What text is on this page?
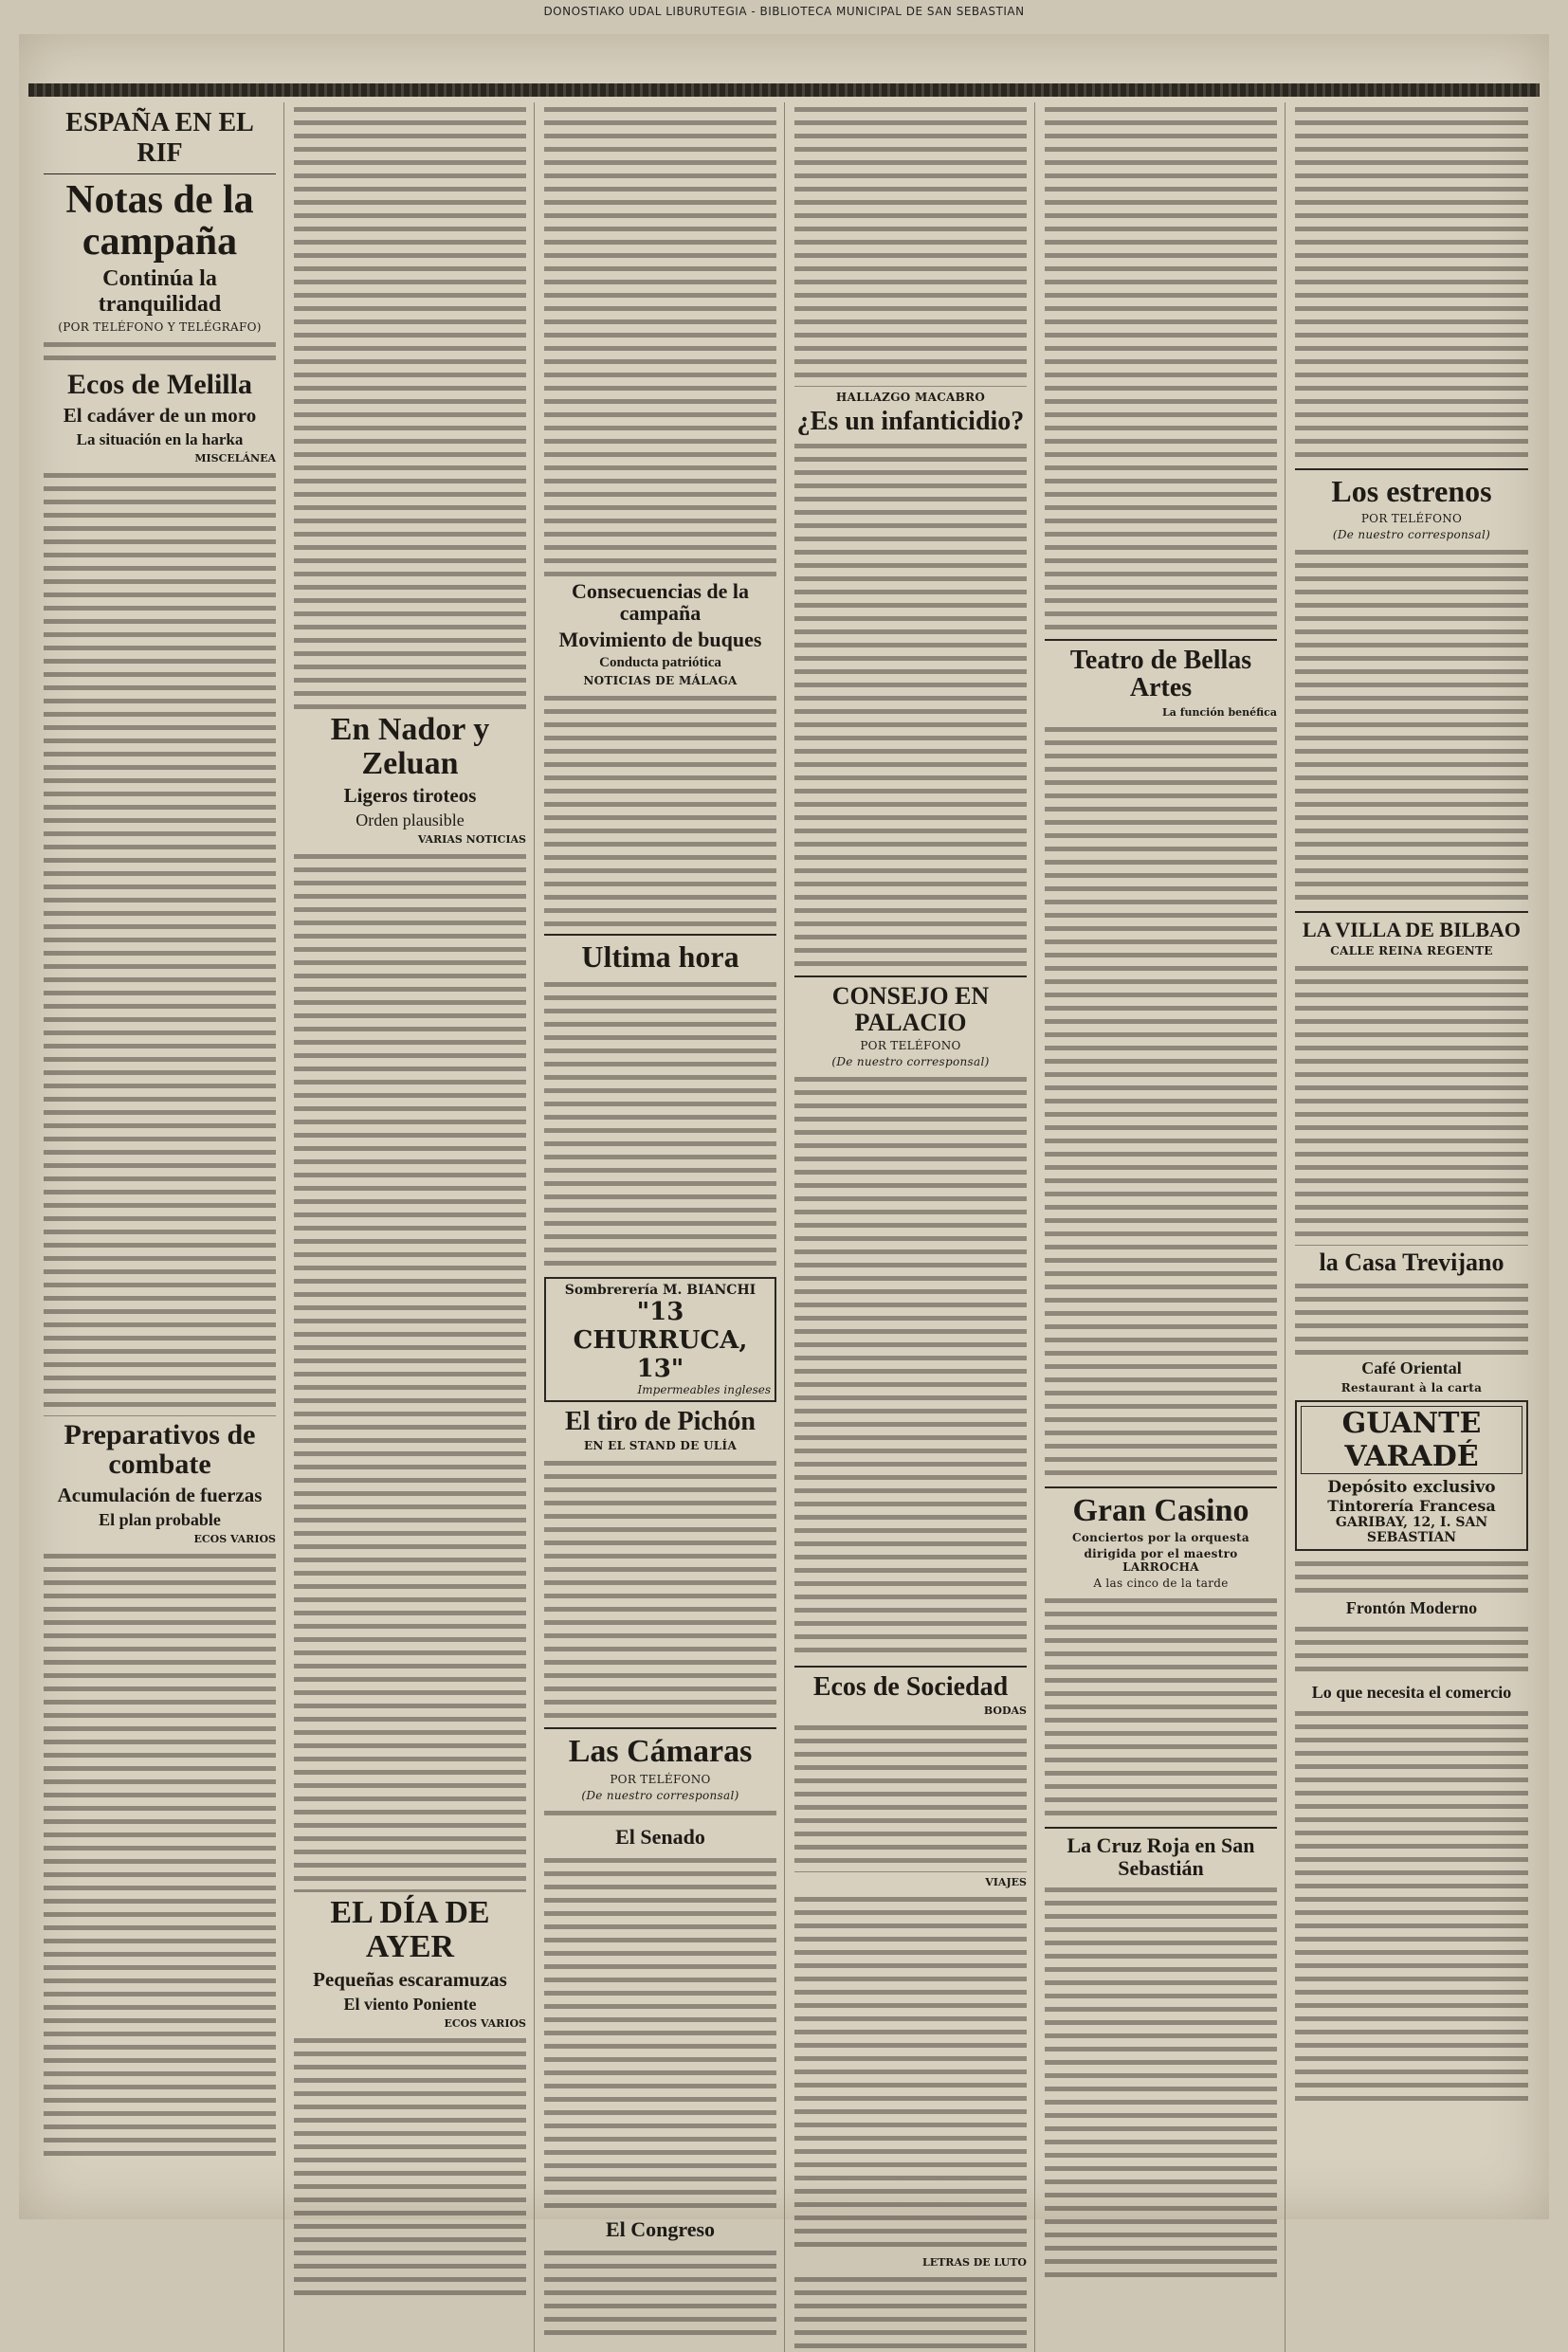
DONOSTIAKO UDAL LIBURUTEGIA - BIBLIOTECA MUNICIPAL DE SAN SEBASTIAN
ESPAÑA EN EL RIF
Notas de la campaña
Continúa la tranquilidad
(POR TELÉFONO Y TELÉGRAFO)
Ecos de Melilla
El cadáver de un moro
La situación en la harka
MISCELÁNEA
Preparativos de combate
Acumulación de fuerzas
El plan probable
ECOS VARIOS
En Nador y Zeluan
Ligeros tiroteos
Orden plausible
VARIAS NOTICIAS
EL DÍA DE AYER
Pequeñas escaramuzas
El viento Poniente
ECOS VARIOS
Consecuencias de la campaña
Movimiento de buques
Conducta patriótica
NOTICIAS DE MÁLAGA
Ultima hora
Sombrerería M. BIANCHI
"13 CHURRUCA, 13"
Impermeables ingleses
El tiro de Pichón
EN EL STAND DE ULÍA
Las Cámaras
POR TELÉFONO
(De nuestro corresponsal)
El Senado
El Congreso
HALLAZGO MACABRO
¿Es un infanticidio?
CONSEJO EN PALACIO
POR TELÉFONO
(De nuestro corresponsal)
Ecos de Sociedad
BODAS
VIAJES
LETRAS DE LUTO
Teatro de Bellas Artes
La función benéfica
Gran Casino
Conciertos por la orquesta
dirigida por el maestro LARROCHA
A las cinco de la tarde
La Cruz Roja en San Sebastián
Los estrenos
POR TELÉFONO
(De nuestro corresponsal)
LA VILLA DE BILBAO
CALLE REINA REGENTE
la Casa Trevijano
Café Oriental
Restaurant à la carta
GUANTE VARADÉ
Depósito exclusivo
Tintorería Francesa
GARIBAY, 12, I. SAN SEBASTIAN
Frontón Moderno
Lo que necesita el comercio
